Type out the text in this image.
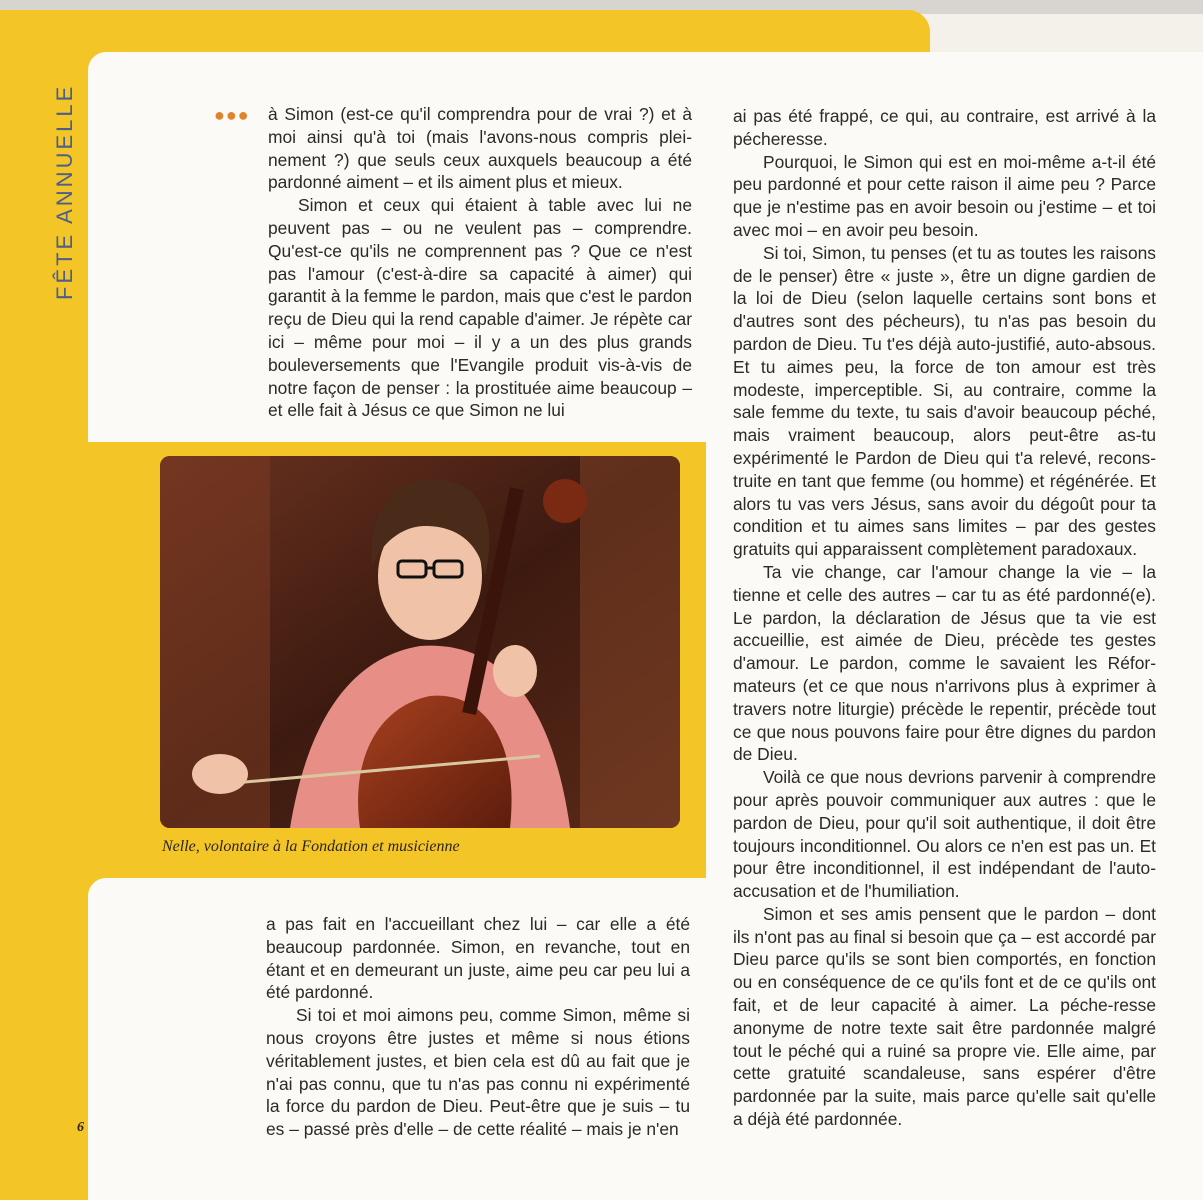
FÊTE ANNUELLE	●●● à Simon (est-ce qu'il comprendra pour de vrai ?) et à moi ainsi qu'à toi (mais l'avons-nous compris plei-nement ?) que seuls ceux auxquels beaucoup a été pardonné aiment – et ils aiment plus et mieux.

Simon et ceux qui étaient à table avec lui ne peuvent pas – ou ne veulent pas – comprendre. Qu'est-ce qu'ils ne comprennent pas ? Que ce n'est pas l'amour (c'est-à-dire sa capacité à aimer) qui garantit à la femme le pardon, mais que c'est le pardon reçu de Dieu qui la rend capable d'aimer. Je répète car ici – même pour moi – il y a un des plus grands bouleversements que l'Evangile produit vis-à-vis de notre façon de penser : la prostituée aime beaucoup – et elle fait à Jésus ce que Simon ne lui

Nelle, volontaire à la Fondation et musicienne

a pas fait en l'accueillant chez lui – car elle a été beaucoup pardonnée. Simon, en revanche, tout en étant et en demeurant un juste, aime peu car peu lui a été pardonné.

Si toi et moi aimons peu, comme Simon, même si nous croyons être justes et même si nous étions véritablement justes, et bien cela est dû au fait que je n'ai pas connu, que tu n'as pas connu ni expérimenté la force du pardon de Dieu. Peut-être que je suis – tu es – passé près d'elle – de cette réalité – mais je n'en

ai pas été frappé, ce qui, au contraire, est arrivé à la pécheresse.

Pourquoi, le Simon qui est en moi-même a-t-il été peu pardonné et pour cette raison il aime peu ? Parce que je n'estime pas en avoir besoin ou j'estime – et toi avec moi – en avoir peu besoin.

Si toi, Simon, tu penses (et tu as toutes les raisons de le penser) être « juste », être un digne gardien de la loi de Dieu (selon laquelle certains sont bons et d'autres sont des pécheurs), tu n'as pas besoin du pardon de Dieu. Tu t'es déjà auto-justifié, auto-absous. Et tu aimes peu, la force de ton amour est très modeste, imperceptible. Si, au contraire, comme la sale femme du texte, tu sais d'avoir beaucoup péché, mais vraiment beaucoup, alors peut-être as-tu expérimenté le Pardon de Dieu qui t'a relevé, recons-truite en tant que femme (ou homme) et régénérée. Et alors tu vas vers Jésus, sans avoir du dégoût pour ta condition et tu aimes sans limites – par des gestes gratuits qui apparaissent complètement paradoxaux.

Ta vie change, car l'amour change la vie – la tienne et celle des autres – car tu as été pardonné(e). Le pardon, la déclaration de Jésus que ta vie est accueillie, est aimée de Dieu, précède tes gestes d'amour. Le pardon, comme le savaient les Réfor-mateurs (et ce que nous n'arrivons plus à exprimer à travers notre liturgie) précède le repentir, précède tout ce que nous pouvons faire pour être dignes du pardon de Dieu.

Voilà ce que nous devrions parvenir à comprendre pour après pouvoir communiquer aux autres : que le pardon de Dieu, pour qu'il soit authentique, il doit être toujours inconditionnel. Ou alors ce n'en est pas un. Et pour être inconditionnel, il est indépendant de l'auto-accusation et de l'humiliation.

Simon et ses amis pensent que le pardon – dont ils n'ont pas au final si besoin que ça – est accordé par Dieu parce qu'ils se sont bien comportés, en fonction ou en conséquence de ce qu'ils font et de ce qu'ils ont fait, et de leur capacité à aimer. La péche-resse anonyme de notre texte sait être pardonnée malgré tout le péché qui a ruiné sa propre vie. Elle aime, par cette gratuité scandaleuse, sans espérer d'être pardonnée par la suite, mais parce qu'elle sait qu'elle a déjà été pardonnée.

6
